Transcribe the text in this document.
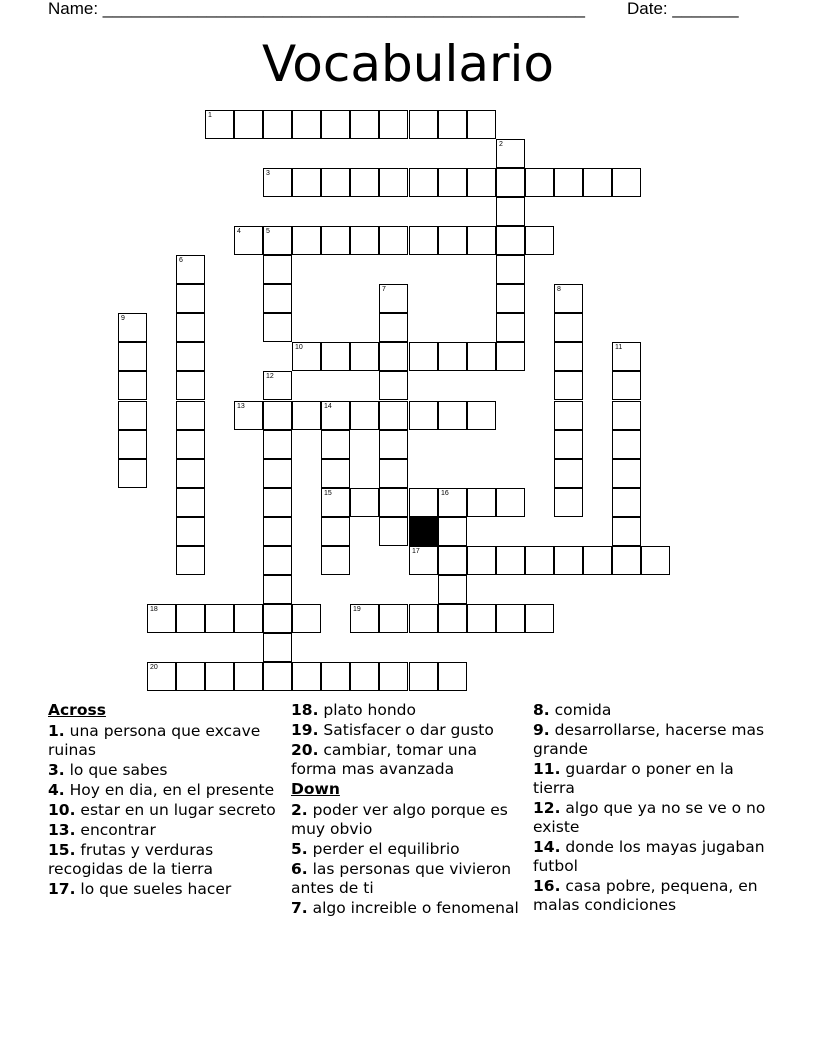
Name: ___________________________________________________ Date: _______
Vocabulario
1
2
3
4	5
6
7	8
9
10	11
12
13	14
15	16
17
18	19
20
Across
1. una persona que excave ruinas
3. lo que sabes
4. Hoy en dia, en el presente
10. estar en un lugar secreto
13. encontrar
15. frutas y verduras recogidas de la tierra
17. lo que sueles hacer
18. plato hondo
19. Satisfacer o dar gusto
20. cambiar, tomar una forma mas avanzada
Down
2. poder ver algo porque es muy obvio
5. perder el equilibrio
6. las personas que vivieron antes de ti
7. algo increible o fenomenal
8. comida
9. desarrollarse, hacerse mas grande
11. guardar o poner en la tierra
12. algo que ya no se ve o no existe
14. donde los mayas jugaban futbol
16. casa pobre, pequena, en malas condiciones
